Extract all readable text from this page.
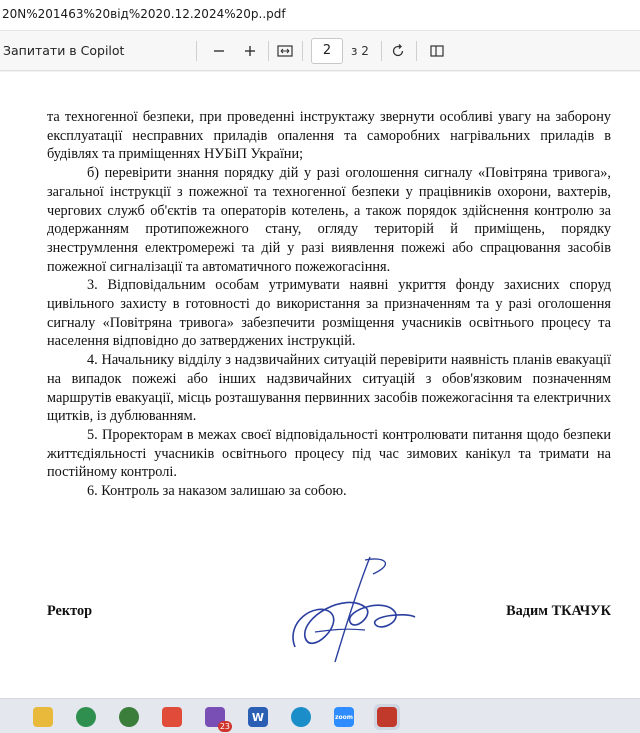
20N%201463%20від%2020.12.2024%20p..pdf
Запитати в Copilot	2	з 2

та техногенної безпеки, при проведенні інструктажу звернути особливі увагу на заборону експлуатації несправних приладів опалення та саморобних нагрівальних приладів в будівлях та приміщеннях НУБіП України;

б) перевірити знання порядку дій у разі оголошення сигналу «Повітряна тривога», загальної інструкції з пожежної та техногенної безпеки у працівників охорони, вахтерів, чергових служб об'єктів та операторів котелень, а також порядок здійснення контролю за додержанням протипожежного стану, огляду територій й приміщень, порядку знеструмлення електромережі та дій у разі виявлення пожежі або спрацювання засобів пожежної сигналізації та автоматичного пожежогасіння.

3. Відповідальним особам утримувати наявні укриття фонду захисних споруд цивільного захисту в готовності до використання за призначенням та у разі оголошення сигналу «Повітряна тривога» забезпечити розміщення учасників освітнього процесу та населення відповідно до затверджених інструкцій.

4. Начальнику відділу з надзвичайних ситуацій перевірити наявність планів евакуації на випадок пожежі або інших надзвичайних ситуацій з обов'язковим позначенням маршрутів евакуації, місць розташування первинних засобів пожежогасіння та електричних щитків, із дублюванням.

5. Проректорам в межах своєї відповідальності контролювати питання щодо безпеки життєдіяльності учасників освітнього процесу під час зимових канікул та тримати на постійному контролі.

6. Контроль за наказом залишаю за собою.

Ректор	Вадим ТКАЧУК
23
W	zoom
